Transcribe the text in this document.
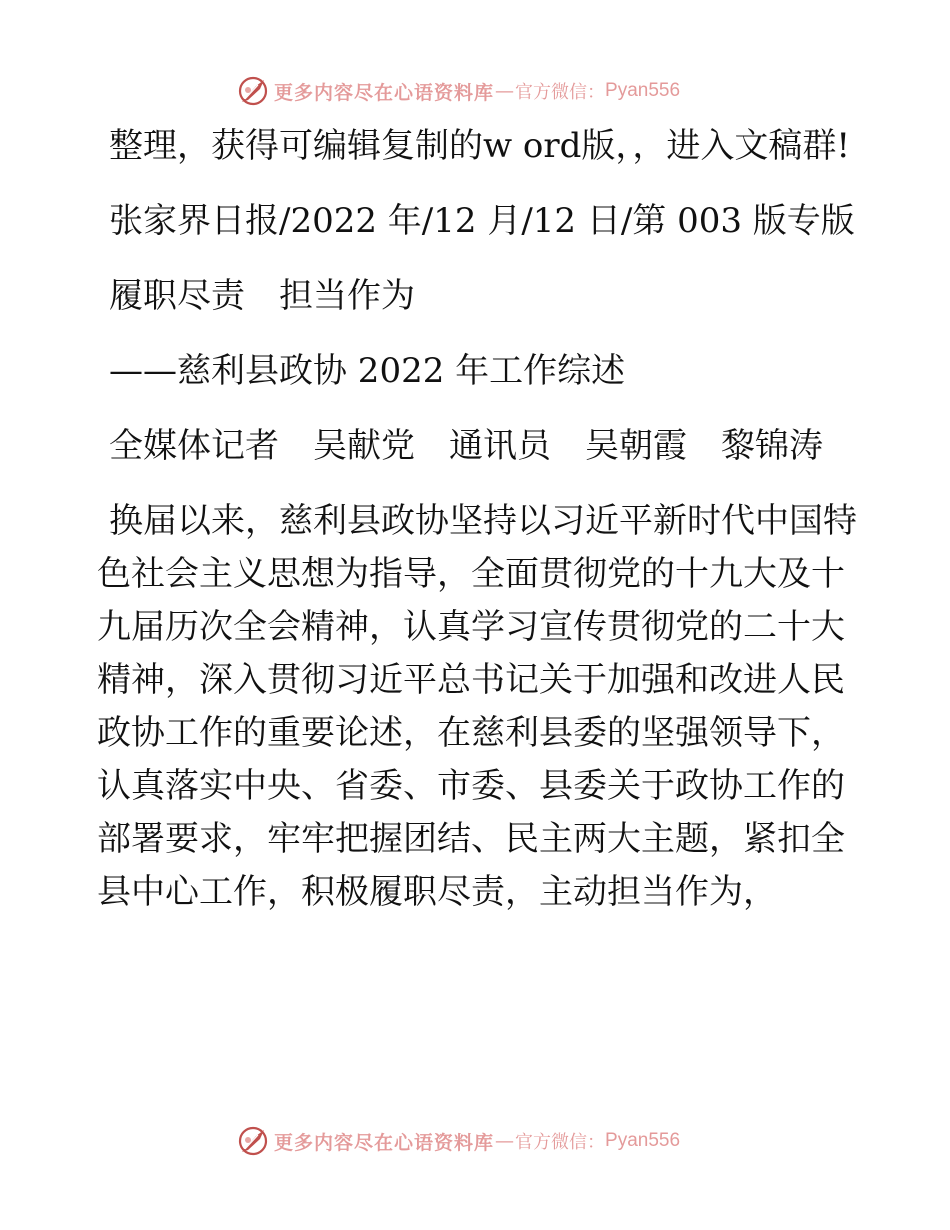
更多内容尽在心语资料库 — 官方微信： Pyan556

整理，获得可编辑复制的w ord版，，进入文稿群!

张家界日报/2022 年/12 月/12 日/第 003 版专版

履职尽责　担当作为

——慈利县政协 2022 年工作综述

全媒体记者　吴献党　通讯员　吴朝霞　黎锦涛

换届以来，慈利县政协坚持以习近平新时代中国特色社会主义思想为指导，全面贯彻党的十九大及十九届历次全会精神，认真学习宣传贯彻党的二十大精神，深入贯彻习近平总书记关于加强和改进人民政协工作的重要论述，在慈利县委的坚强领导下，认真落实中央、省委、市委、县委关于政协工作的部署要求，牢牢把握团结、民主两大主题，紧扣全县中心工作，积极履职尽责，主动担当作为，

更多内容尽在心语资料库 — 官方微信： Pyan556
